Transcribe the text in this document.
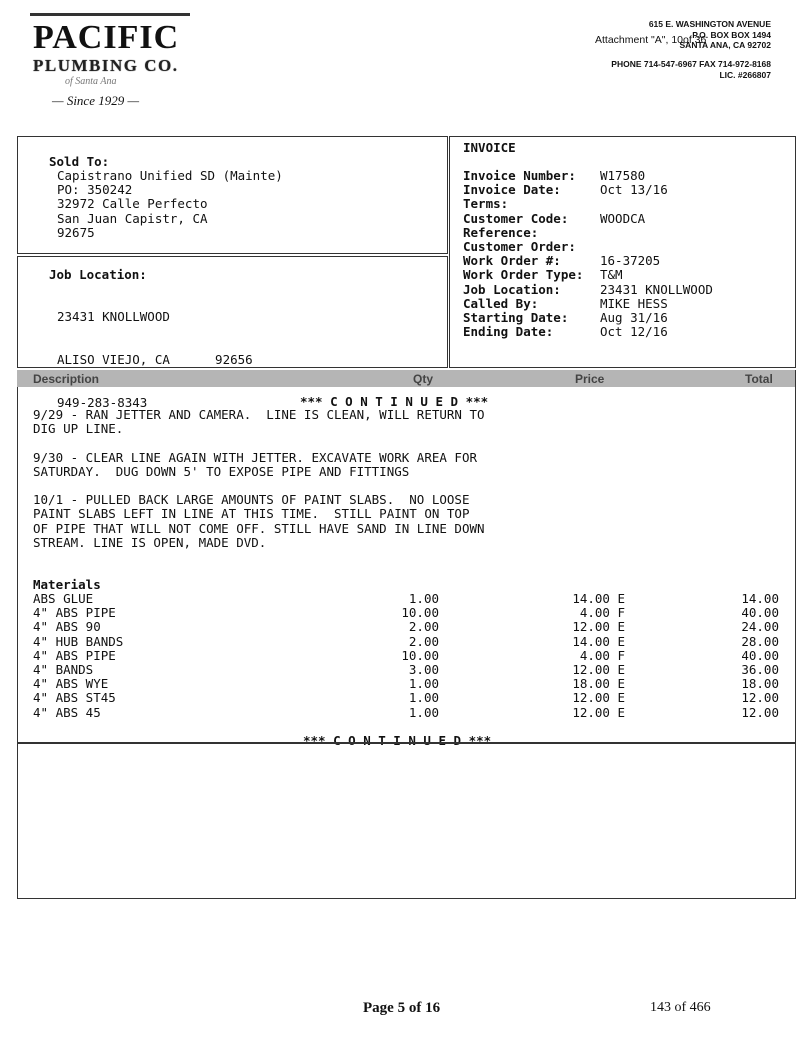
PACIFIC
PLUMBING CO.
of Santa Ana
— Since 1929 —
615 E. WASHINGTON AVENUE
P.O. BOX BOX 1494
SANTA ANA, CA 92702
Attachment "A", 10of 36
PHONE 714-547-6967 FAX 714-972-8168
LIC. #266807
Sold To:
Capistrano Unified SD (Mainte)
PO: 350242
32972 Calle Perfecto
San Juan Capistr, CA
92675
Job Location:

23431 KNOLLWOOD

ALISO VIEJO, CA      92656

949-283-8343

INVOICE
Invoice Number: W17580
Invoice Date:	Oct 13/16
Terms:
Customer Code:	WOODCA
Reference:
Customer Order:
Work Order #:	16-37205
Work Order Type: T&M
Job Location:	23431 KNOLLWOOD
Called By:	MIKE HESS
Starting Date:	Aug 31/16
Ending Date:	Oct 12/16
Description	Qty	Price	Total
*** C O N T I N U E D ***
9/29 - RAN JETTER AND CAMERA.  LINE IS CLEAN, WILL RETURN TO
DIG UP LINE.
9/30 - CLEAR LINE AGAIN WITH JETTER. EXCAVATE WORK AREA FOR
SATURDAY.  DUG DOWN 5' TO EXPOSE PIPE AND FITTINGS
10/1 - PULLED BACK LARGE AMOUNTS OF PAINT SLABS.  NO LOOSE
PAINT SLABS LEFT IN LINE AT THIS TIME.  STILL PAINT ON TOP
OF PIPE THAT WILL NOT COME OFF. STILL HAVE SAND IN LINE DOWN
STREAM. LINE IS OPEN, MADE DVD.
Materials
ABS GLUE	1.00	14.00 E	14.00
4" ABS PIPE	10.00	4.00 F	40.00
4" ABS 90	2.00	12.00 E	24.00
4" HUB BANDS	2.00	14.00 E	28.00
4" ABS PIPE	10.00	4.00 F	40.00
4" BANDS	3.00	12.00 E	36.00
4" ABS WYE	1.00	18.00 E	18.00
4" ABS ST45	1.00	12.00 E	12.00
4" ABS 45	1.00	12.00 E	12.00
*** C O N T I N U E D ***
Page 5 of 16	143 of 466
